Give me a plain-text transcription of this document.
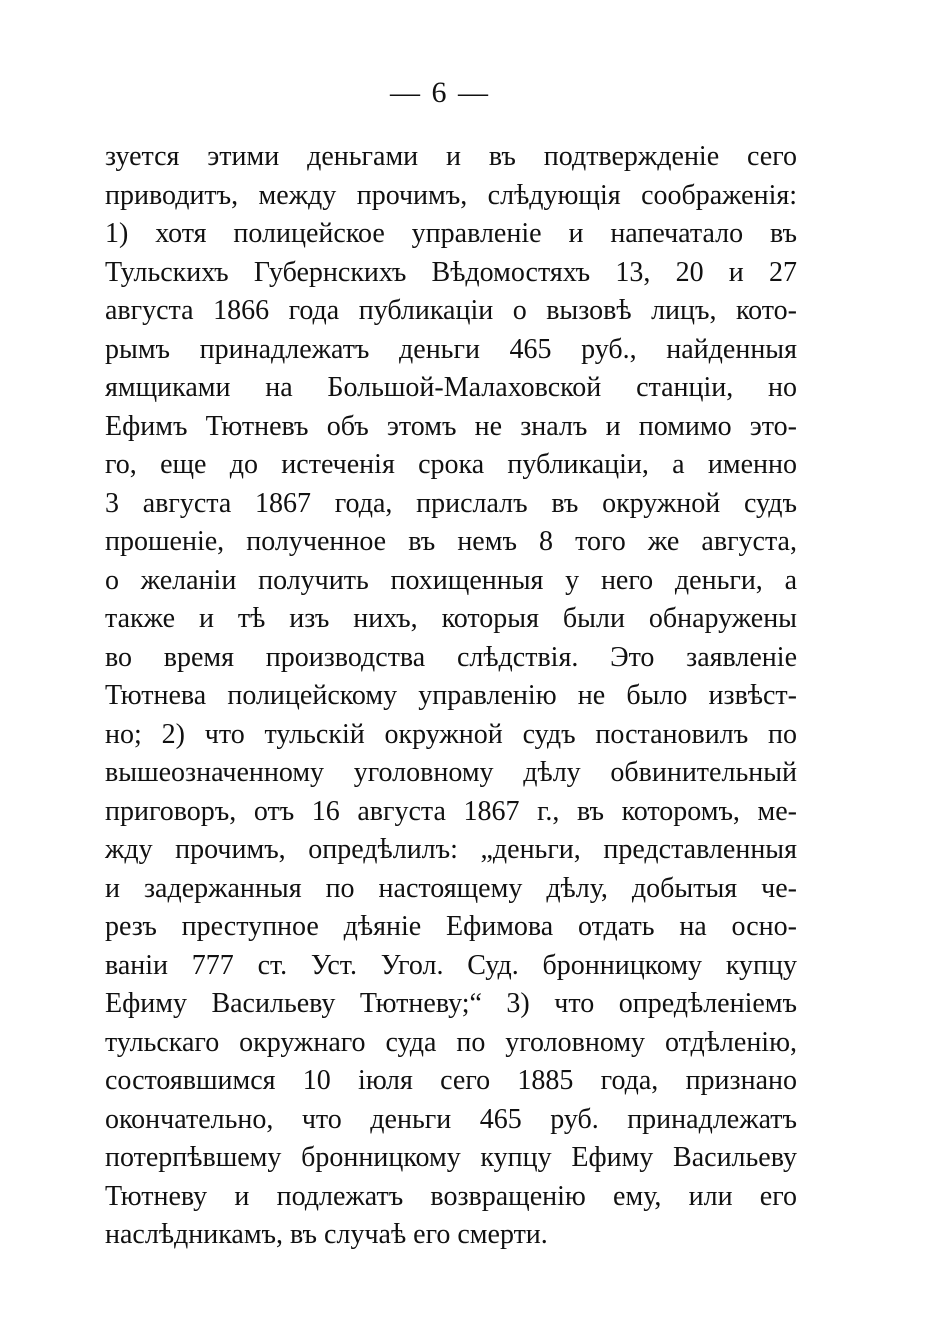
— 6 —
зуется этими деньгами и въ подтвержденіе сего
приводитъ, между прочимъ, слѣдующія соображенія:
1) хотя полицейское управленіе и напечатало въ
Тульскихъ Губернскихъ Вѣдомостяхъ 13, 20 и 27
августа 1866 года публикаціи о вызовѣ лицъ, кото-
рымъ принадлежатъ деньги 465 руб., найденныя
ямщиками на Большой-Малаховской станціи, но
Ефимъ Тютневъ объ этомъ не зналъ и помимо это-
го, еще до истеченія срока публикаціи, а именно
3 августа 1867 года, прислалъ въ окружной судъ
прошеніе, полученное въ немъ 8 того же августа,
о желаніи получить похищенныя у него деньги, а
также и тѣ изъ нихъ, которыя были обнаружены
во время производства слѣдствія. Это заявленіе
Тютнева полицейскому управленію не было извѣст-
но; 2) что тульскій окружной судъ постановилъ по
вышеозначенному уголовному дѣлу обвинительный
приговоръ, отъ 16 августа 1867 г., въ которомъ, ме-
жду прочимъ, опредѣлилъ: „деньги, представленныя
и задержанныя по настоящему дѣлу, добытыя че-
резъ преступное дѣяніе Ефимова отдать на осно-
ваніи 777 ст. Уст. Угол. Суд. бронницкому купцу
Ефиму Васильеву Тютневу;“ 3) что опредѣленіемъ
тульскаго окружнаго суда по уголовному отдѣленію,
состоявшимся 10 іюля сего 1885 года, признано
окончательно, что деньги 465 руб. принадлежатъ
потерпѣвшему бронницкому купцу Ефиму Васильеву
Тютневу и подлежатъ возвращенію ему, или его
наслѣдникамъ, въ случаѣ его смерти.
